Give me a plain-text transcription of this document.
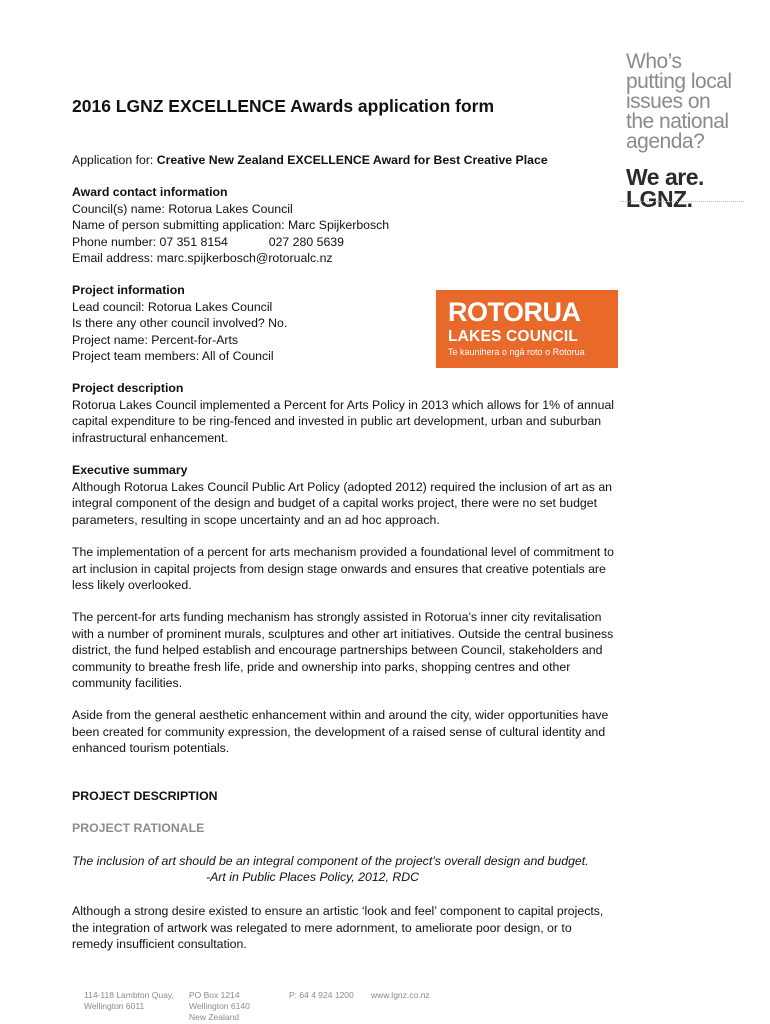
Who’s
putting local
issues on
the national
agenda?
We are.
LGNZ.
2016 LGNZ EXCELLENCE Awards application form
Application for: Creative New Zealand EXCELLENCE Award for Best Creative Place
Award contact information
Council(s) name: Rotorua Lakes Council
Name of person submitting application: Marc Spijkerbosch
Phone number: 07 351 8154	027 280 5639
Email address: marc.spijkerbosch@rotorualc.nz
Project information
Lead council: Rotorua Lakes Council
Is there any other council involved? No.
Project name: Percent-for-Arts
Project team members: All of Council
ROTORUA
LAKES COUNCIL
Te kaunihera o ngā roto o Rotorua
Project description
Rotorua Lakes Council implemented a Percent for Arts Policy in 2013 which allows for 1% of annual
capital expenditure to be ring-fenced and invested in public art development, urban and suburban
infrastructural enhancement.
Executive summary
Although Rotorua Lakes Council Public Art Policy (adopted 2012) required the inclusion of art as an
integral component of the design and budget of a capital works project, there were no set budget
parameters, resulting in scope uncertainty and an ad hoc approach.
The implementation of a percent for arts mechanism provided a foundational level of commitment to
art inclusion in capital projects from design stage onwards and ensures that creative potentials are
less likely overlooked.
The percent-for arts funding mechanism has strongly assisted in Rotorua’s inner city revitalisation
with a number of prominent murals, sculptures and other art initiatives. Outside the central business
district, the fund helped establish and encourage partnerships between Council, stakeholders and
community to breathe fresh life, pride and ownership into parks, shopping centres and other
community facilities.
Aside from the general aesthetic enhancement within and around the city, wider opportunities have
been created for community expression, the development of a raised sense of cultural identity and
enhanced tourism potentials.
PROJECT DESCRIPTION
PROJECT RATIONALE
The inclusion of art should be an integral component of the project’s overall design and budget.
-Art in Public Places Policy, 2012, RDC
Although a strong desire existed to ensure an artistic ‘look and feel’ component to capital projects,
the integration of artwork was relegated to mere adornment, to ameliorate poor design, or to
remedy insufficient consultation.
114-118 Lambton Quay,
Wellington 6011
PO Box 1214
Wellington 6140
New Zealand
P: 64 4 924 1200 www.lgnz.co.nz
